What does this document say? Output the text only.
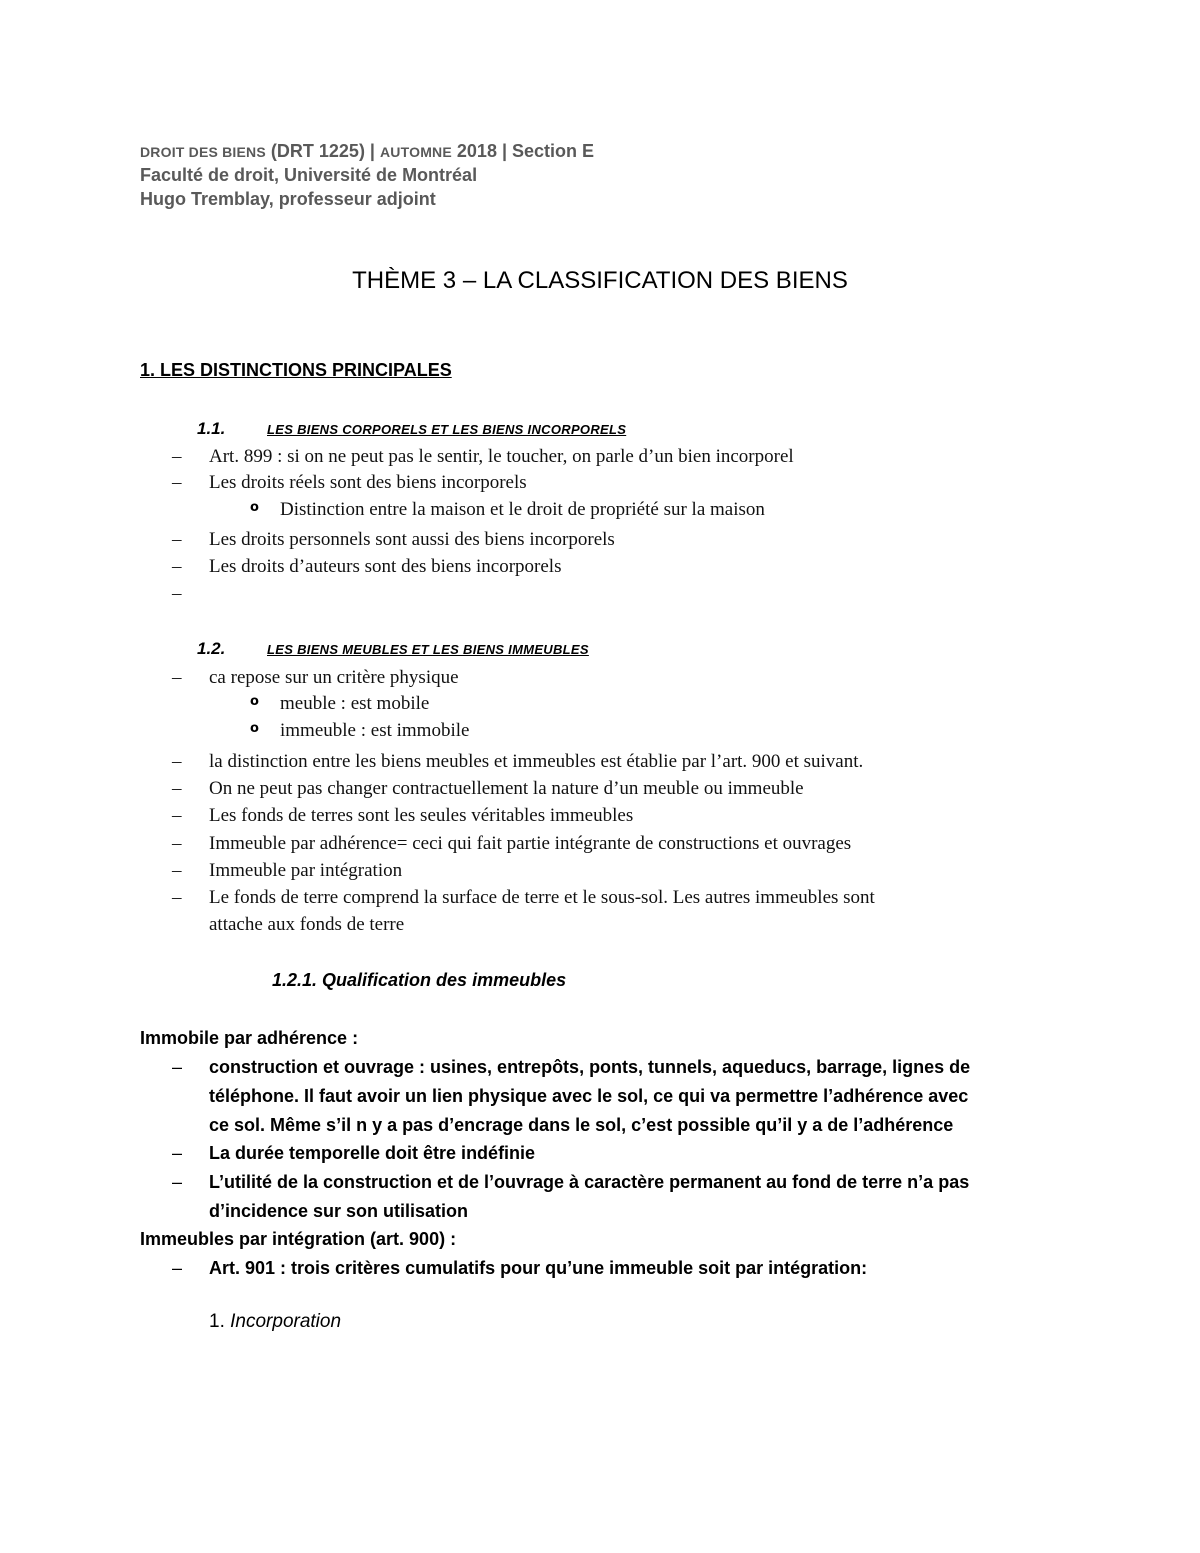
DROIT DES BIENS (DRT 1225) | AUTOMNE 2018 | Section E
Faculté de droit, Université de Montréal
Hugo Tremblay, professeur adjoint
THÈME 3 – LA CLASSIFICATION DES BIENS
1. LES DISTINCTIONS PRINCIPALES
1.1.	LES BIENS CORPORELS ET LES BIENS INCORPORELS
– Art. 899 : si on ne peut pas le sentir, le toucher, on parle d’un bien incorporel
– Les droits réels sont des biens incorporels
o Distinction entre la maison et le droit de propriété sur la maison
– Les droits personnels sont aussi des biens incorporels
– Les droits d’auteurs sont des biens incorporels
–
1.2.	LES BIENS MEUBLES ET LES BIENS IMMEUBLES
– ca repose sur un critère physique
o meuble : est mobile
o immeuble : est immobile
– la distinction entre les biens meubles et immeubles est établie par l’art. 900 et suivant.
– On ne peut pas changer contractuellement la nature d’un meuble ou immeuble
– Les fonds de terres sont les seules véritables immeubles
– Immeuble par adhérence= ceci qui fait partie intégrante de constructions et ouvrages
– Immeuble par intégration
– Le fonds de terre comprend la surface de terre et le sous-sol. Les autres immeubles sont
attache aux fonds de terre
1.2.1. Qualification des immeubles
Immobile par adhérence :
– construction et ouvrage : usines, entrepôts, ponts, tunnels, aqueducs, barrage, lignes de
téléphone. Il faut avoir un lien physique avec le sol, ce qui va permettre l’adhérence avec
ce sol. Même s’il n y a pas d’encrage dans le sol, c’est possible qu’il y a de l’adhérence
– La durée temporelle doit être indéfinie
– L’utilité de la construction et de l’ouvrage à caractère permanent au fond de terre n’a pas
d’incidence sur son utilisation
Immeubles par intégration (art. 900) :
– Art. 901 : trois critères cumulatifs pour qu’une immeuble soit par intégration:
1. Incorporation
